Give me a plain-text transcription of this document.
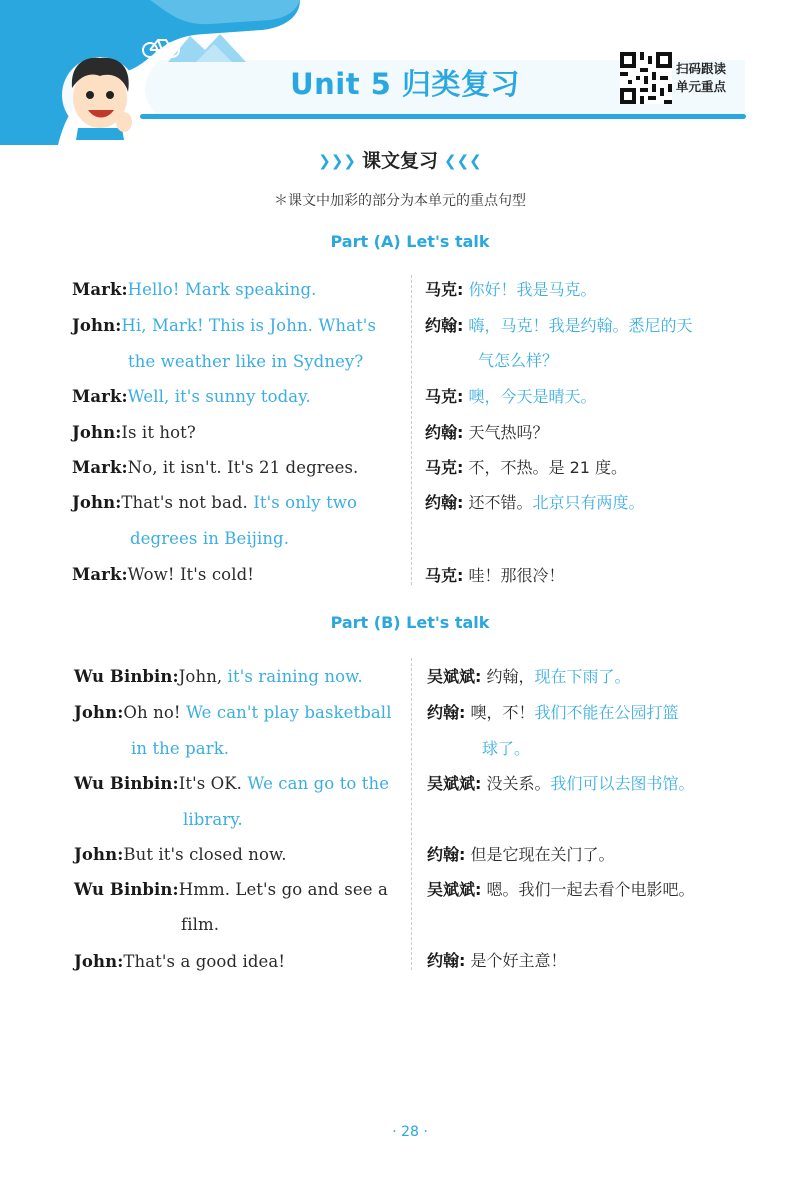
Unit 5 归类复习	扫码跟读
单元重点
❯❯❯ 课文复习 ❮❮❮
＊课文中加彩的部分为本单元的重点句型
Part (A) Let's talk
Mark:Hello! Mark speaking.
John:Hi, Mark! This is John. What's
the weather like in Sydney?
Mark:Well, it's sunny today.
John:Is it hot?
Mark:No, it isn't. It's 21 degrees.
John:That's not bad. It's only two
degrees in Beijing.
Mark:Wow! It's cold!
马克: 你好！我是马克。
约翰: 嗨，马克！我是约翰。悉尼的天
气怎么样？
马克: 噢，今天是晴天。
约翰: 天气热吗？
马克: 不，不热。是 21 度。
约翰: 还不错。北京只有两度。
马克: 哇！那很冷！
Part (B) Let's talk
Wu Binbin:John, it's raining now.
John:Oh no! We can't play basketball
in the park.
Wu Binbin:It's OK. We can go to the
library.
John:But it's closed now.
Wu Binbin:Hmm. Let's go and see a
film.
John:That's a good idea!
吴斌斌: 约翰，现在下雨了。
约翰: 噢，不！我们不能在公园打篮
球了。
吴斌斌: 没关系。我们可以去图书馆。
约翰: 但是它现在关门了。
吴斌斌: 嗯。我们一起去看个电影吧。
约翰: 是个好主意！
· 28 ·
